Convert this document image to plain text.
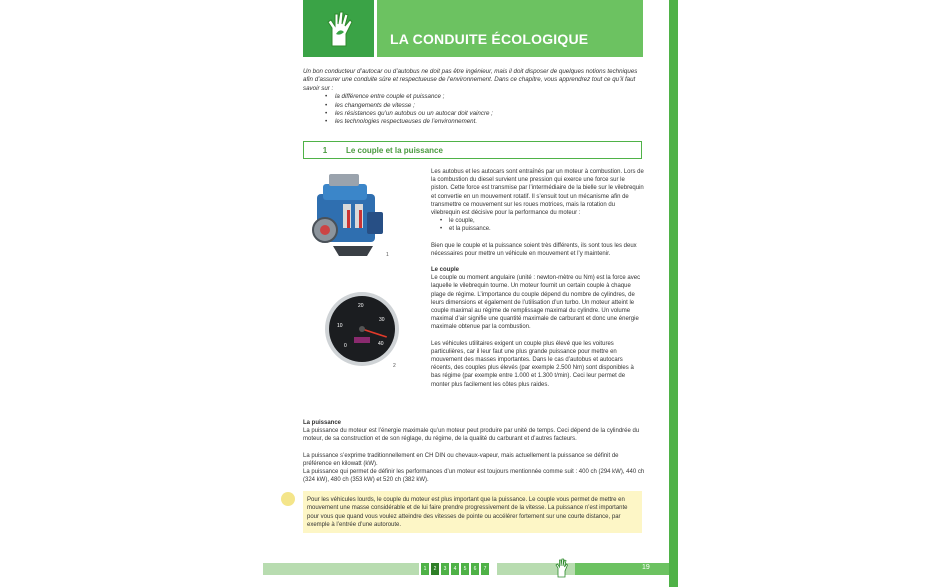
LA CONDUITE ÉCOLOGIQUE
Un bon conducteur d’autocar ou d’autobus ne doit pas être ingénieur, mais il doit disposer de quelques notions techniques afin d’assurer une conduite sûre et respectueuse de l’environnement. Dans ce chapitre, vous apprendrez tout ce qu’il faut savoir sur :
• la différence entre couple et puissance ;
• les changements de vitesse ;
• les résistances qu’un autobus ou un autocar doit vaincre ;
• les technologies respectueuses de l’environnement.
1	Le couple et la puissance
1
0
10
20
30
40
2

Les autobus et les autocars sont entraînés par un moteur à combustion. Lors de la combustion du diesel survient une pression qui exerce une force sur le piston. Cette force est transmise par l’intermédiaire de la bielle sur le vilebrequin et convertie en un mouvement rotatif. Il s’ensuit tout un mécanisme afin de transmettre ce mouvement sur les roues motrices, mais la rotation du vilebrequin est décisive pour la performance du moteur :

• le couple,
• et la puissance.

Bien que le couple et la puissance soient très différents, ils sont tous les deux nécessaires pour mettre un véhicule en mouvement et l’y maintenir.

Le couple

Le couple ou moment angulaire (unité : newton-mètre ou Nm) est la force avec laquelle le vilebrequin tourne. Un moteur fournit un certain couple à chaque plage de régime. L’importance du couple dépend du nombre de cylindres, de leurs dimensions et également de l’utilisation d’un turbo. Un moteur atteint le couple maximal au régime de remplissage maximal du cylindre. Un volume maximal d’air signifie une quantité maximale de carburant et donc une énergie maximale obtenue par la combustion.

Les véhicules utilitaires exigent un couple plus élevé que les voitures particulières, car il leur faut une plus grande puissance pour mettre en mouvement des masses importantes. Dans le cas d’autobus et autocars récents, des couples plus élevés (par exemple 2.500 Nm) sont disponibles à bas régime (par exemple entre 1.000 et 1.300 t/min). Ceci leur permet de monter plus facilement les côtes plus raides.

La puissance

La puissance du moteur est l’énergie maximale qu’un moteur peut produire par unité de temps. Ceci dépend de la cylindrée du moteur, de sa construction et de son réglage, du régime, de la qualité du carburant et d’autres facteurs.

La puissance s’exprime traditionnellement en CH DIN ou chevaux-vapeur, mais actuellement la puissance se définit de préférence en kilowatt (kW).

La puissance qui permet de définir les performances d’un moteur est toujours mentionnée comme suit : 400 ch (294 kW), 440 ch (324 kW), 480 ch (353 kW) et 520 ch (382 kW).

Pour les véhicules lourds, le couple du moteur est plus important que la puissance. Le couple vous permet de mettre en mouvement une masse considérable et de lui faire prendre progressivement de la vitesse. La puissance n’est importante pour vous que quand vous voulez atteindre des vitesses de pointe ou accélérer fortement sur une courte distance, par exemple à l’entrée d’une autoroute.
1	2	3	4	5	6	7	19
